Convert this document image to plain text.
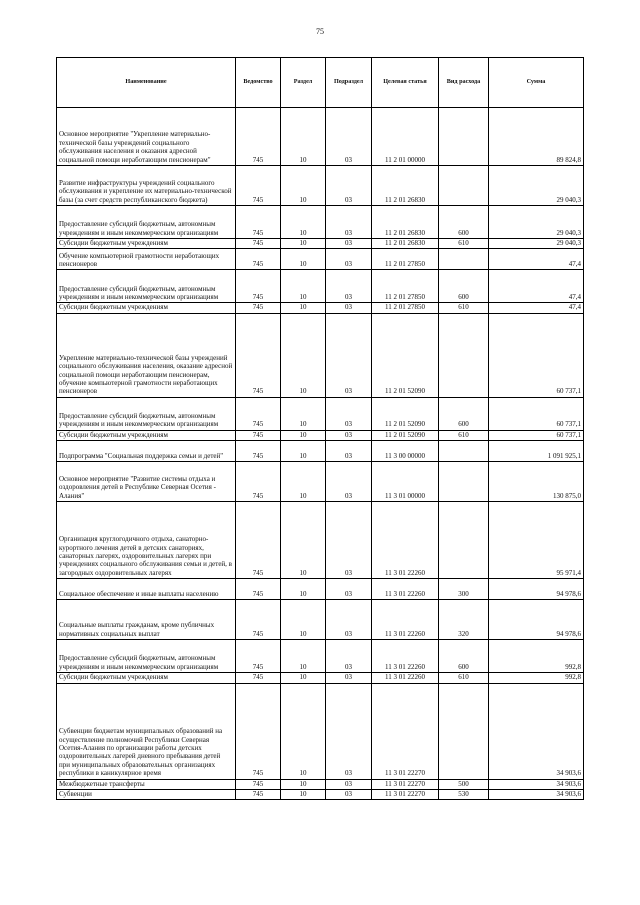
75
Наименование	Ведомство	Раздел	Подраздел	Целевая статья	Вид расхода	Сумма
Основное мероприятие "Укрепление материально-технической базы учреждений социального обслуживания населения и оказания адресной социальной помощи неработающим пенсионерам"	745	10	03	11 2 01 00000		89 824,8
Развитие инфраструктуры учреждений социального обслуживания и укрепление их материально-технической базы (за счет средств республиканского бюджета)	745	10	03	11 2 01 26830		29 040,3
Предоставление субсидий бюджетным, автономным учреждениям и иным некоммерческим организациям	745	10	03	11 2 01 26830	600	29 040,3
Субсидии бюджетным учреждениям	745	10	03	11 2 01 26830	610	29 040,3
Обучение компьютерной грамотности неработающих пенсионеров	745	10	03	11 2 01 27850		47,4
Предоставление субсидий бюджетным, автономным учреждениям и иным некоммерческим организациям	745	10	03	11 2 01 27850	600	47,4
Субсидии бюджетным учреждениям	745	10	03	11 2 01 27850	610	47,4
Укрепление материально-технической базы учреждений социального обслуживания населения, оказание адресной социальной помощи неработающим пенсионерам, обучение компьютерной грамотности неработающих пенсионеров	745	10	03	11 2 01 52090		60 737,1
Предоставление субсидий бюджетным, автономным учреждениям и иным некоммерческим организациям	745	10	03	11 2 01 52090	600	60 737,1
Субсидии бюджетным учреждениям	745	10	03	11 2 01 52090	610	60 737,1
Подпрограмма "Социальная поддержка семьи и детей"	745	10	03	11 3 00 00000		1 091 925,1
Основное мероприятие "Развитие системы отдыха и оздоровления детей в Республике Северная Осетия - Алания"	745	10	03	11 3 01 00000		130 875,0
Организация круглогодичного отдыха, санаторно-курортного лечения детей в детских санаториях, санаторных лагерях, оздоровительных лагерях при учреждениях социального обслуживания семьи и детей, в загородных оздоровительных лагерях	745	10	03	11 3 01 22260		95 971,4
Социальное обеспечение и иные выплаты населению	745	10	03	11 3 01 22260	300	94 978,6
Социальные выплаты гражданам, кроме публичных нормативных социальных выплат	745	10	03	11 3 01 22260	320	94 978,6
Предоставление субсидий бюджетным, автономным учреждениям и иным некоммерческим организациям	745	10	03	11 3 01 22260	600	992,8
Субсидии бюджетным учреждениям	745	10	03	11 3 01 22260	610	992,8
Субвенции бюджетам муниципальных образований на осуществление полномочий Республики Северная Осетия-Алания по организации работы детских оздоровительных лагерей дневного пребывания детей при муниципальных образовательных организациях республики в каникулярное время	745	10	03	11 3 01 22270		34 903,6
Межбюджетные трансферты	745	10	03	11 3 01 22270	500	34 903,6
Субвенции	745	10	03	11 3 01 22270	530	34 903,6
